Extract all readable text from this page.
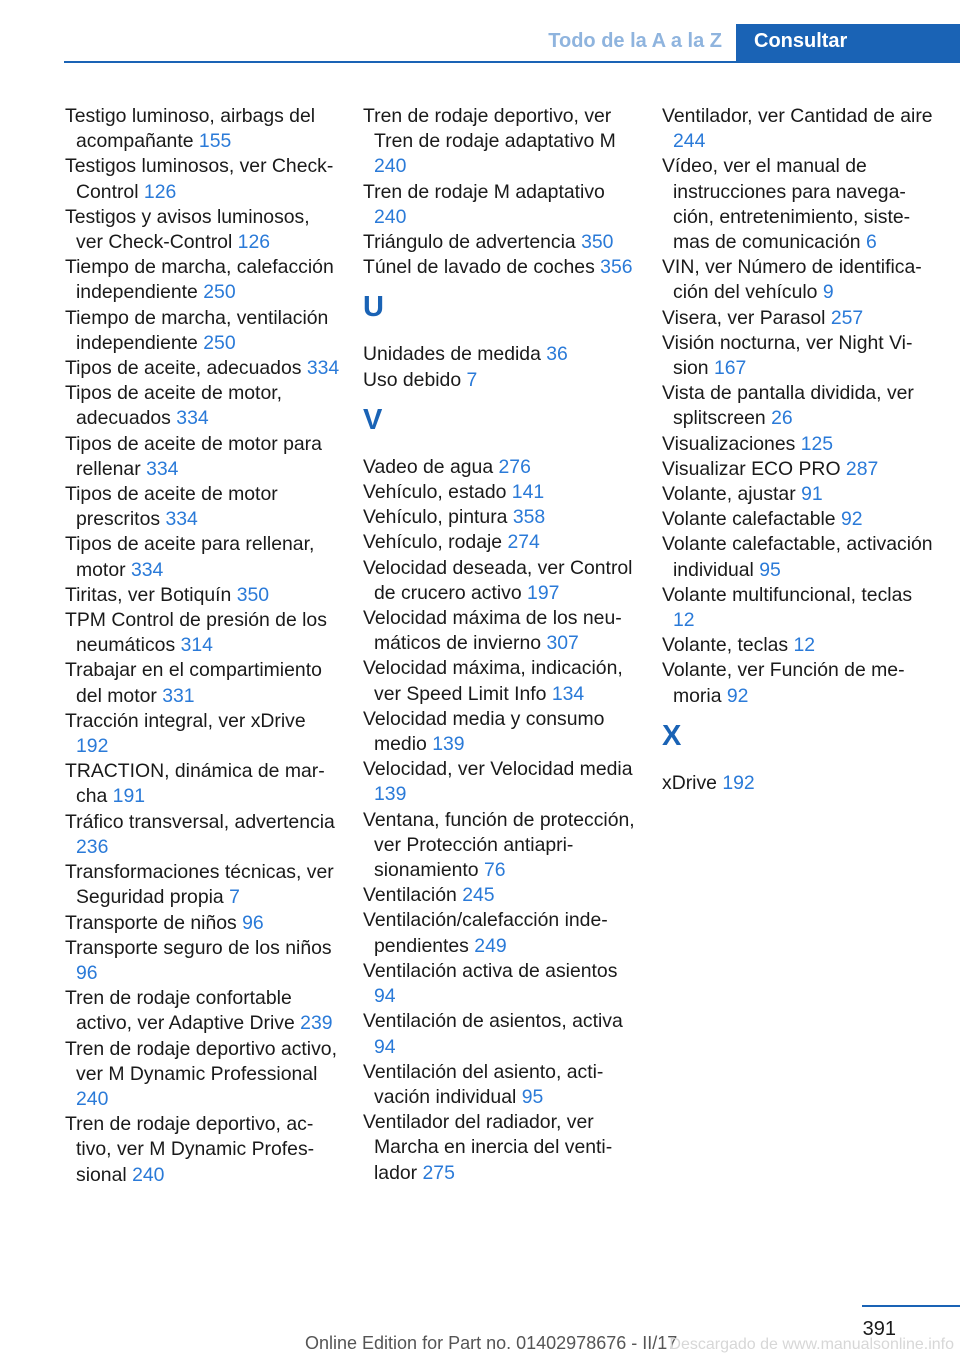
Todo de la A a la Z	Consultar
Testigo luminoso, airbags del acompañante 155
Testigos luminosos, ver Check-Control 126
Testigos y avisos luminosos, ver Check-Control 126
Tiempo de marcha, calefacción independiente 250
Tiempo de marcha, ventilación independiente 250
Tipos de aceite, adecuados 334
Tipos de aceite de motor, adecuados 334
Tipos de aceite de motor para rellenar 334
Tipos de aceite de motor prescritos 334
Tipos de aceite para rellenar, motor 334
Tiritas, ver Botiquín 350
TPM Control de presión de los neumáticos 314
Trabajar en el compartimiento del motor 331
Tracción integral, ver xDrive 192
TRACTION, dinámica de marcha 191
Tráfico transversal, advertencia 236
Transformaciones técnicas, ver Seguridad propia 7
Transporte de niños 96
Transporte seguro de los niños 96
Tren de rodaje confortable activo, ver Adaptive Drive 239
Tren de rodaje deportivo activo, ver M Dynamic Professional 240
Tren de rodaje deportivo, activo, ver M Dynamic Professional 240
Tren de rodaje deportivo, ver Tren de rodaje adaptativo M 240
Tren de rodaje M adaptativo 240
Triángulo de advertencia 350
Túnel de lavado de coches 356
U
Unidades de medida 36
Uso debido 7
V
Vadeo de agua 276
Vehículo, estado 141
Vehículo, pintura 358
Vehículo, rodaje 274
Velocidad deseada, ver Control de crucero activo 197
Velocidad máxima de los neumáticos de invierno 307
Velocidad máxima, indicación, ver Speed Limit Info 134
Velocidad media y consumo medio 139
Velocidad, ver Velocidad media 139
Ventana, función de protección, ver Protección antiaprisionamiento 76
Ventilación 245
Ventilación/calefacción independientes 249
Ventilación activa de asientos 94
Ventilación de asientos, activa 94
Ventilación del asiento, activación individual 95
Ventilador del radiador, ver Marcha en inercia del ventilador 275
Ventilador, ver Cantidad de aire 244
Vídeo, ver el manual de instrucciones para navegación, entretenimiento, sistemas de comunicación 6
VIN, ver Número de identificación del vehículo 9
Visera, ver Parasol 257
Visión nocturna, ver Night Vision 167
Vista de pantalla dividida, ver splitscreen 26
Visualizaciones 125
Visualizar ECO PRO 287
Volante, ajustar 91
Volante calefactable 92
Volante calefactable, activación individual 95
Volante multifuncional, teclas 12
Volante, teclas 12
Volante, ver Función de memoria 92
X
xDrive 192
391
Online Edition for Part no. 01402978676 - II/17
Descargado de www.manualsonline.info
